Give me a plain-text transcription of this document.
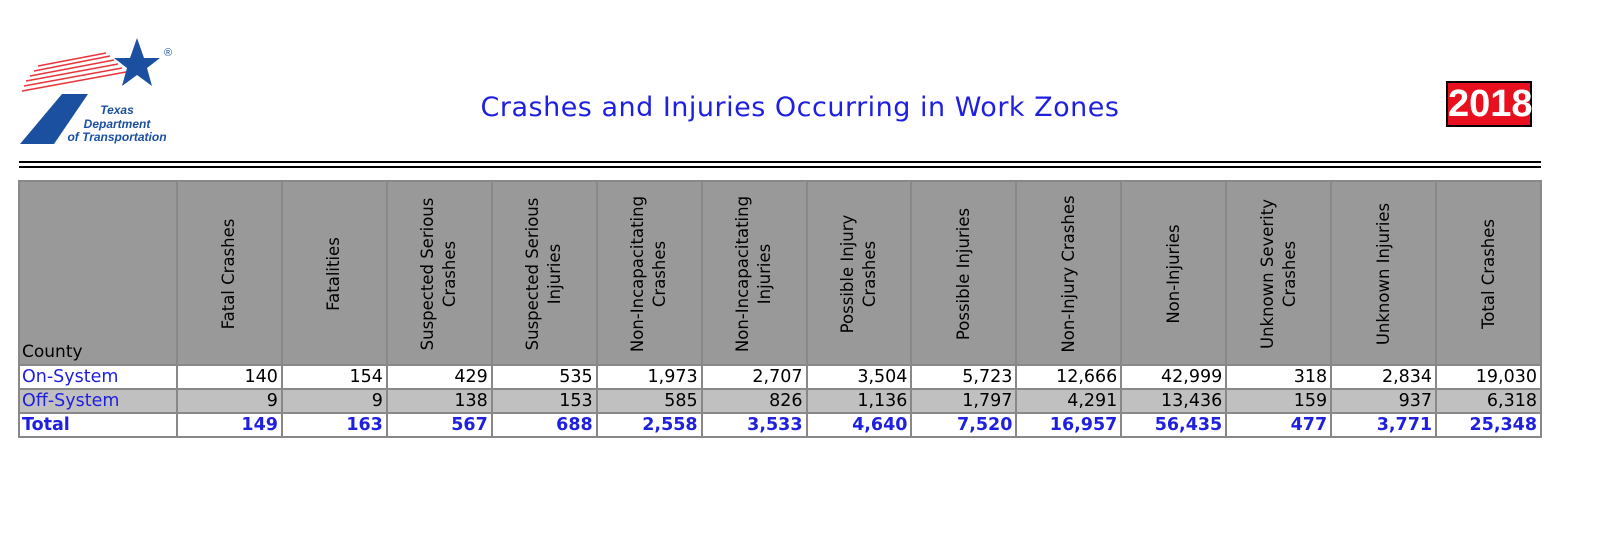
®
Texas
Department
of Transportation
Crashes and Injuries Occurring in Work Zones	2018
County	Fatal Crashes	Fatalities	Suspected Serious Crashes	Suspected Serious Injuries	Non-Incapacitating Crashes	Non-Incapacitating Injuries	Possible Injury Crashes	Possible Injuries	Non-Injury Crashes	Non-Injuries	Unknown Severity Crashes	Unknown Injuries	Total Crashes

On-System	140	154	429	535	1,973	2,707	3,504	5,723	12,666	42,999	318	2,834	19,030
Off-System	9	9	138	153	585	826	1,136	1,797	4,291	13,436	159	937	6,318
Total	149	163	567	688	2,558	3,533	4,640	7,520	16,957	56,435	477	3,771	25,348
